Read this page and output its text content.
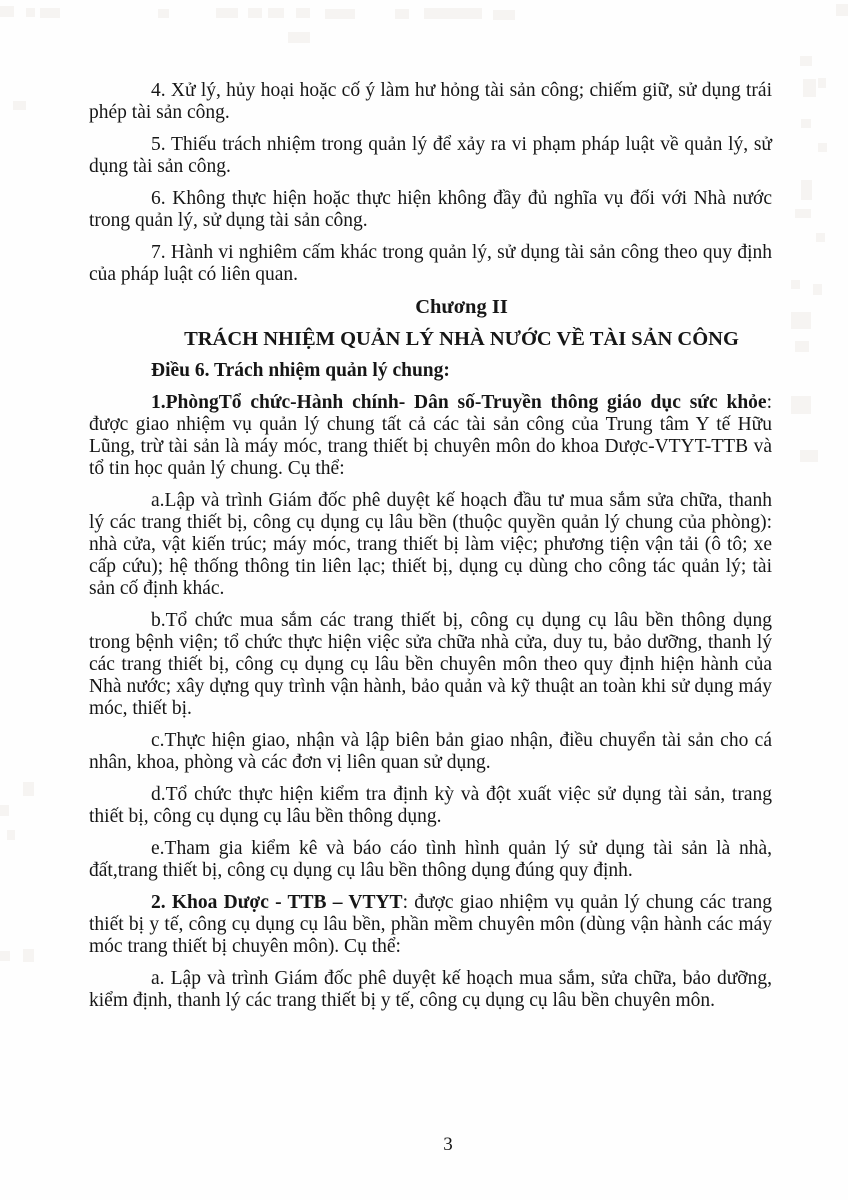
4. Xử lý, hủy hoại hoặc cố ý làm hư hỏng tài sản công; chiếm giữ, sử dụng trái phép tài sản công.

5. Thiếu trách nhiệm trong quản lý để xảy ra vi phạm pháp luật về quản lý, sử dụng tài sản công.

6. Không thực hiện hoặc thực hiện không đầy đủ nghĩa vụ đối với Nhà nước trong quản lý, sử dụng tài sản công.

7. Hành vi nghiêm cấm khác trong quản lý, sử dụng tài sản công theo quy định của pháp luật có liên quan.

Chương II

TRÁCH NHIỆM QUẢN LÝ NHÀ NƯỚC VỀ TÀI SẢN CÔNG

Điều 6. Trách nhiệm quản lý chung:

1.PhòngTổ chức-Hành chính- Dân số-Truyền thông giáo dục sức khỏe: được giao nhiệm vụ quản lý chung tất cả các tài sản công của Trung tâm Y tế Hữu Lũng, trừ tài sản là máy móc, trang thiết bị chuyên môn do khoa Dược-VTYT-TTB và tổ tin học quản lý chung. Cụ thể:

a.Lập và trình Giám đốc phê duyệt kế hoạch đầu tư mua sắm sửa chữa, thanh lý các trang thiết bị, công cụ dụng cụ lâu bền (thuộc quyền quản lý chung của phòng): nhà cửa, vật kiến trúc; máy móc, trang thiết bị làm việc; phương tiện vận tải (ô tô; xe cấp cứu); hệ thống thông tin liên lạc; thiết bị, dụng cụ dùng cho công tác quản lý; tài sản cố định khác.

b.Tổ chức mua sắm các trang thiết bị, công cụ dụng cụ lâu bền thông dụng trong bệnh viện; tổ chức thực hiện việc sửa chữa nhà cửa, duy tu, bảo dưỡng, thanh lý các trang thiết bị, công cụ dụng cụ lâu bền chuyên môn theo quy định hiện hành của Nhà nước; xây dựng quy trình vận hành, bảo quản và kỹ thuật an toàn khi sử dụng máy móc, thiết bị.

c.Thực hiện giao, nhận và lập biên bản giao nhận, điều chuyển tài sản cho cá nhân, khoa, phòng và các đơn vị liên quan sử dụng.

d.Tổ chức thực hiện kiểm tra định kỳ và đột xuất việc sử dụng tài sản, trang thiết bị, công cụ dụng cụ lâu bền thông dụng.

e.Tham gia kiểm kê và báo cáo tình hình quản lý sử dụng tài sản là nhà, đất,trang thiết bị, công cụ dụng cụ lâu bền thông dụng đúng quy định.

2. Khoa Dược - TTB – VTYT: được giao nhiệm vụ quản lý chung các trang thiết bị y tế, công cụ dụng cụ lâu bền, phần mềm chuyên môn (dùng vận hành các máy móc trang thiết bị chuyên môn). Cụ thể:

a. Lập và trình Giám đốc phê duyệt kế hoạch mua sắm, sửa chữa, bảo dưỡng, kiểm định, thanh lý các trang thiết bị y tế, công cụ dụng cụ lâu bền chuyên môn.

3
